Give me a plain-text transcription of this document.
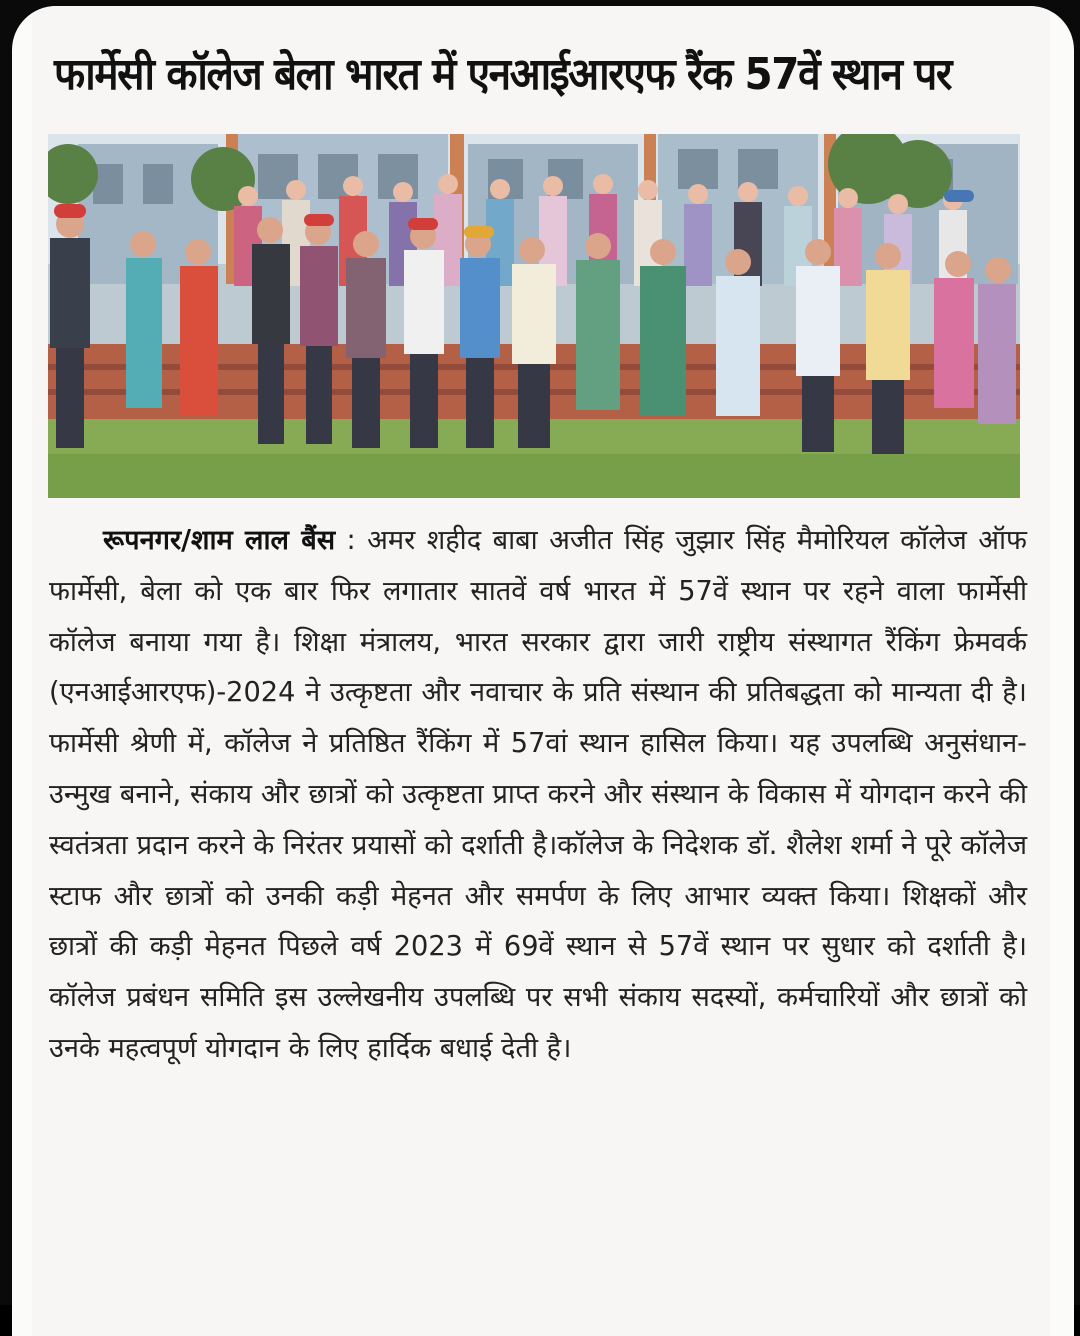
फार्मेसी कॉलेज बेला भारत में एनआईआरएफ रैंक 57वें स्थान पर
रूपनगर/शाम लाल बैंस : अमर शहीद बाबा अजीत सिंह जुझार सिंह मैमोरियल कॉलेज ऑफ फार्मेसी, बेला को एक बार फिर लगातार सातवें वर्ष भारत में 57वें स्थान पर रहने वाला फार्मेसी कॉलेज बनाया गया है। शिक्षा मंत्रालय, भारत सरकार द्वारा जारी राष्ट्रीय संस्थागत रैंकिंग फ्रेमवर्क (एनआईआरएफ)-2024 ने उत्कृष्टता और नवाचार के प्रति संस्थान की प्रतिबद्धता को मान्यता दी है। फार्मेसी श्रेणी में, कॉलेज ने प्रतिष्ठित रैंकिंग में 57वां स्थान हासिल किया। यह उपलब्धि अनुसंधान-उन्मुख बनाने, संकाय और छात्रों को उत्कृष्टता प्राप्त करने और संस्थान के विकास में योगदान करने की स्वतंत्रता प्रदान करने के निरंतर प्रयासों को दर्शाती है।कॉलेज के निदेशक डॉ. शैलेश शर्मा ने पूरे कॉलेज स्टाफ और छात्रों को उनकी कड़ी मेहनत और समर्पण के लिए आभार व्यक्त किया। शिक्षकों और छात्रों की कड़ी मेहनत पिछले वर्ष 2023 में 69वें स्थान से 57वें स्थान पर सुधार को दर्शाती है। कॉलेज प्रबंधन समिति इस उल्लेखनीय उपलब्धि पर सभी संकाय सदस्यों, कर्मचारियों और छात्रों को उनके महत्वपूर्ण योगदान के लिए हार्दिक बधाई देती है।
